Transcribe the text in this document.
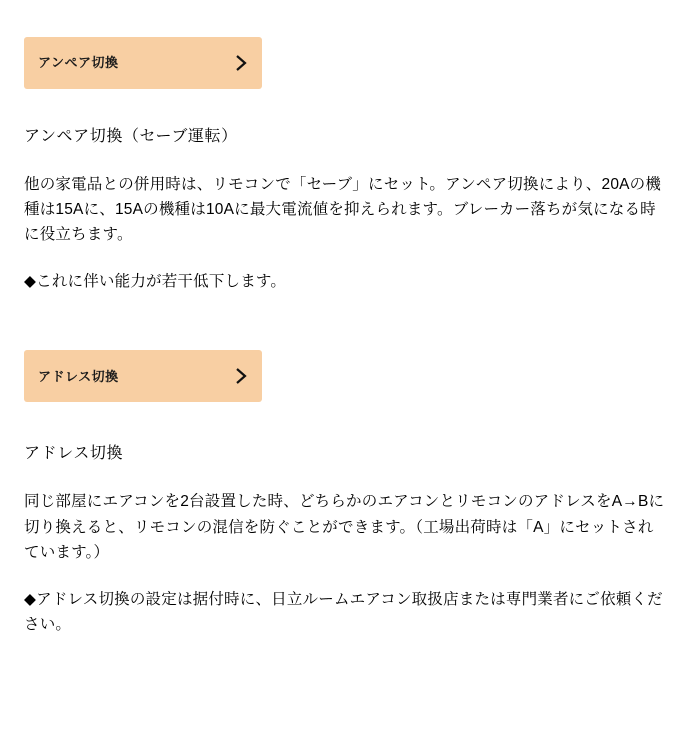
アンペア切換
アンペア切換（セーブ運転）
他の家電品との併用時は、リモコンで「セーブ」にセット。アンペア切換により、20Aの機種は15Aに、15Aの機種は10Aに最大電流値を抑えられます。ブレーカー落ちが気になる時に役立ちます。
◆これに伴い能力が若干低下します。
アドレス切換
アドレス切換
同じ部屋にエアコンを2台設置した時、どちらかのエアコンとリモコンのアドレスをA→Bに切り換えると、リモコンの混信を防ぐことができます。（工場出荷時は「A」にセットされています。）
◆アドレス切換の設定は据付時に、日立ルームエアコン取扱店または専門業者にご依頼ください。
